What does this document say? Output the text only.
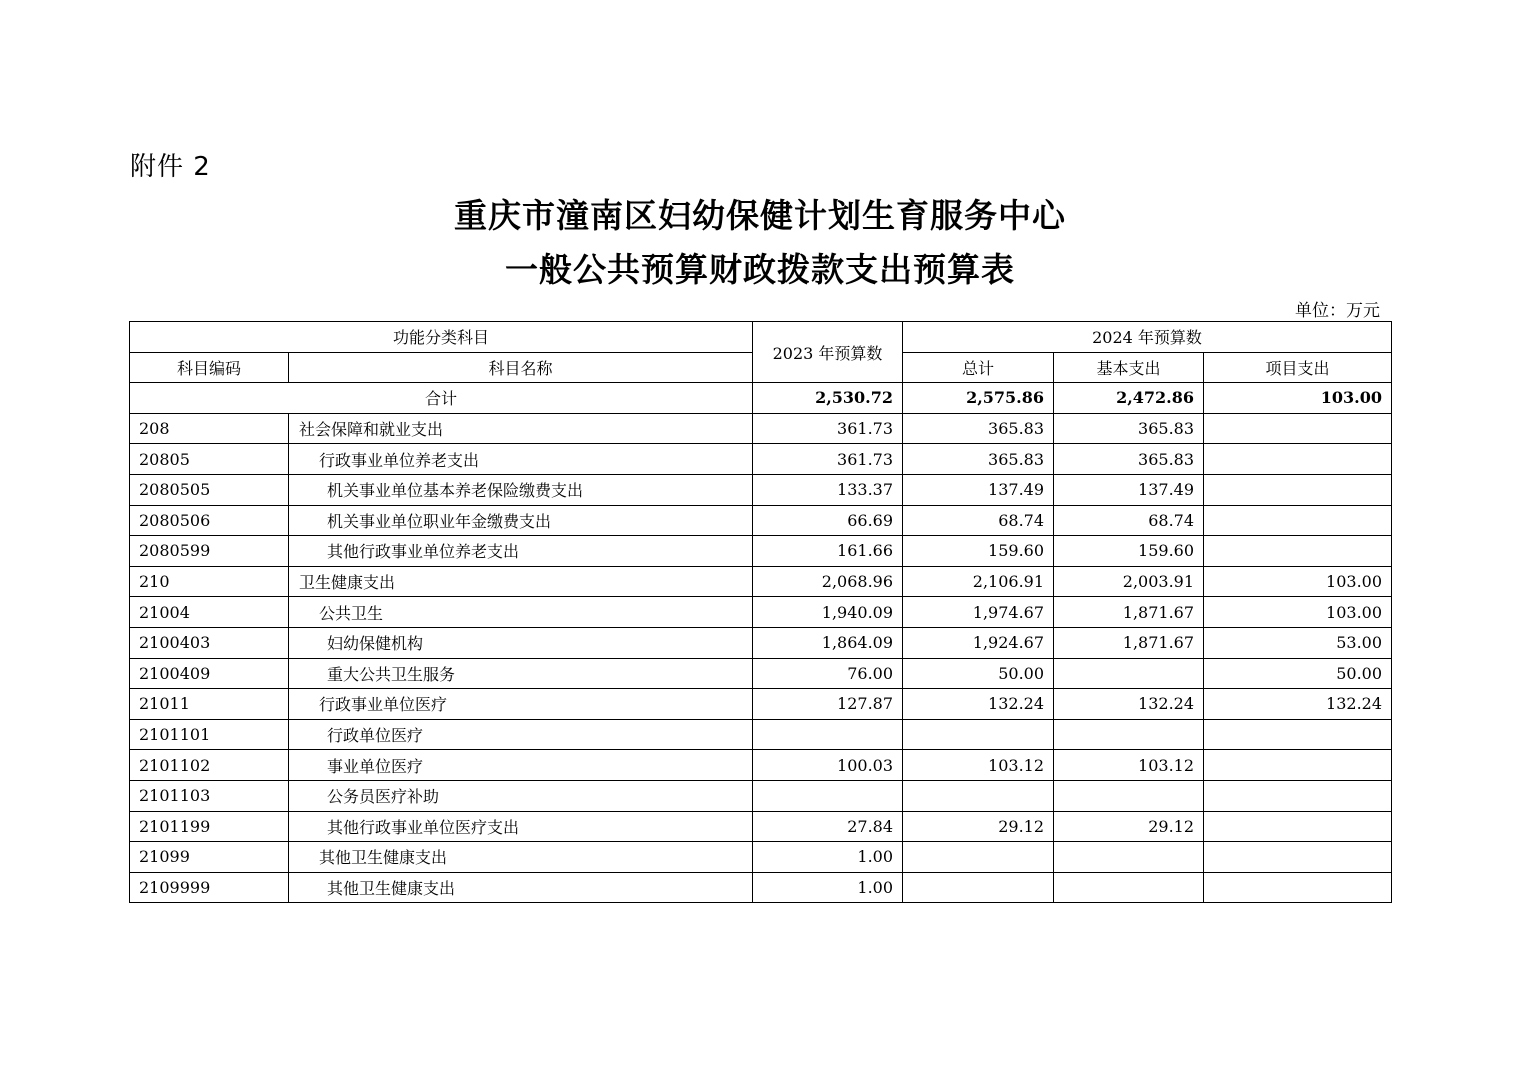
附件 2
重庆市潼南区妇幼保健计划生育服务中心
一般公共预算财政拨款支出预算表
单位：万元
功能分类科目		2023 年预算数	2024 年预算数		
科目编码	科目名称		总计	基本支出	项目支出
合计		2,530.72	2,575.86	2,472.86	103.00
208	社会保障和就业支出	361.73	365.83	365.83	
20805	行政事业单位养老支出	361.73	365.83	365.83	
2080505	机关事业单位基本养老保险缴费支出	133.37	137.49	137.49	
2080506	机关事业单位职业年金缴费支出	66.69	68.74	68.74	
2080599	其他行政事业单位养老支出	161.66	159.60	159.60	
210	卫生健康支出	2,068.96	2,106.91	2,003.91	103.00
21004	公共卫生	1,940.09	1,974.67	1,871.67	103.00
2100403	妇幼保健机构	1,864.09	1,924.67	1,871.67	53.00
2100409	重大公共卫生服务	76.00	50.00		50.00
21011	行政事业单位医疗	127.87	132.24	132.24	132.24
2101101	行政单位医疗				
2101102	事业单位医疗	100.03	103.12	103.12	
2101103	公务员医疗补助				
2101199	其他行政事业单位医疗支出	27.84	29.12	29.12	
21099	其他卫生健康支出	1.00			
2109999	其他卫生健康支出	1.00			
